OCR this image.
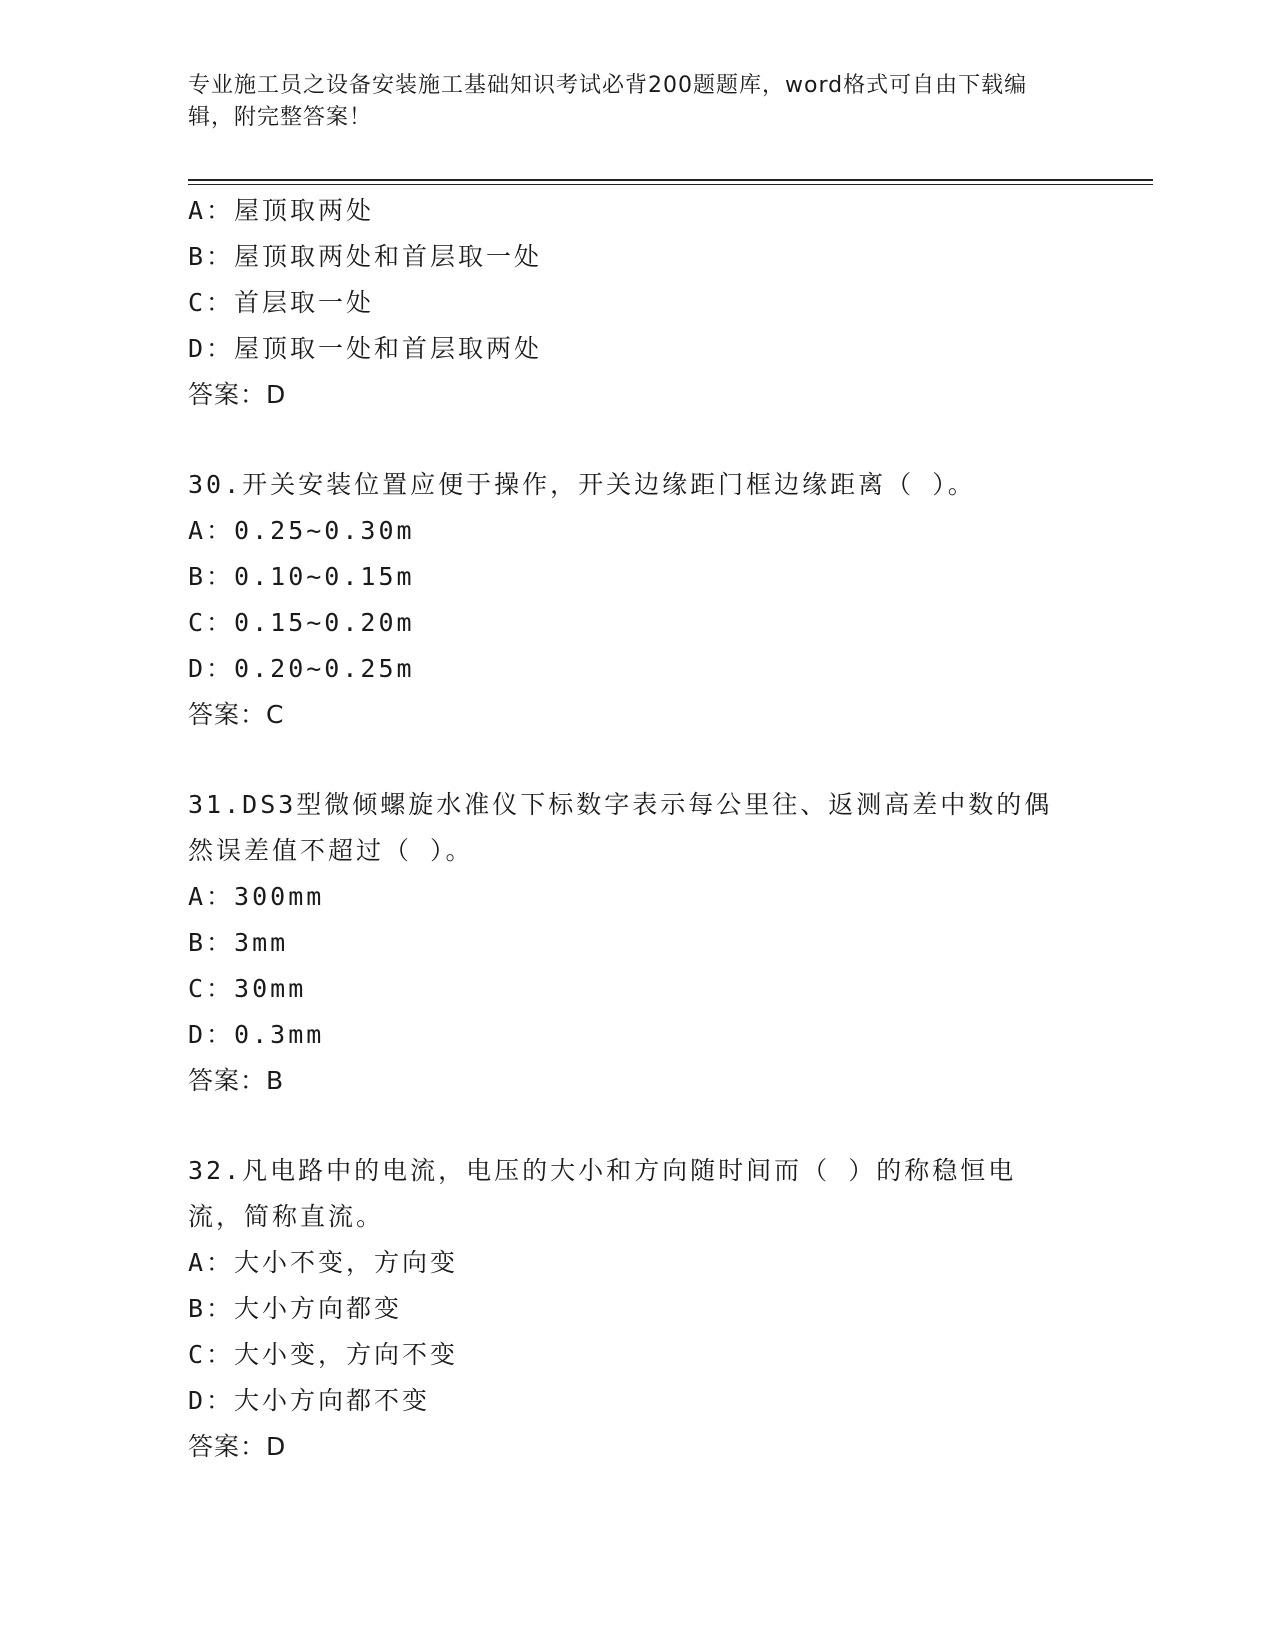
专业施工员之设备安装施工基础知识考试必背200题题库，word格式可自由下载编辑，附完整答案！
A：屋顶取两处
B：屋顶取两处和首层取一处
C：首层取一处
D：屋顶取一处和首层取两处
答案：D
30.开关安装位置应便于操作，开关边缘距门框边缘距离（ ）。
A：0.25~0.30m
B：0.10~0.15m
C：0.15~0.20m
D：0.20~0.25m
答案：C
31.DS3型微倾螺旋水准仪下标数字表示每公里往、返测高差中数的偶然误差值不超过（ ）。
A：300mm
B：3mm
C：30mm
D：0.3mm
答案：B
32.凡电路中的电流，电压的大小和方向随时间而（ ）的称稳恒电流，简称直流。
A：大小不变，方向变
B：大小方向都变
C：大小变，方向不变
D：大小方向都不变
答案：D
